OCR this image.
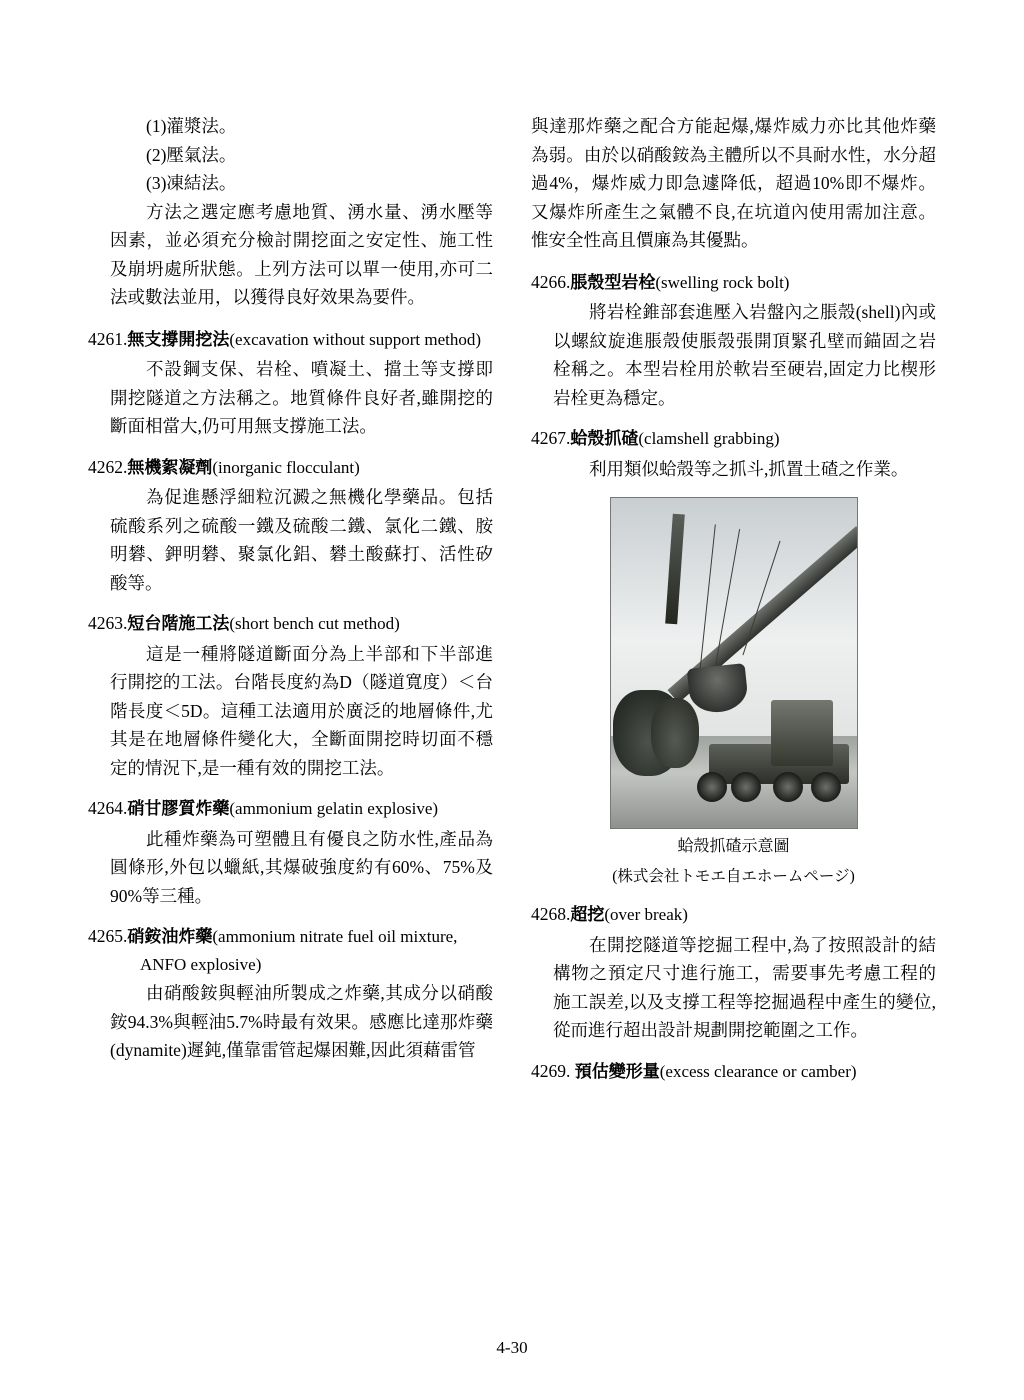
(1)灌漿法。
(2)壓氣法。
(3)凍結法。
方法之選定應考慮地質、湧水量、湧水壓等因素，並必須充分檢討開挖面之安定性、施工性及崩坍處所狀態。上列方法可以單一使用,亦可二法或數法並用，以獲得良好效果為要件。
4261.無支撐開挖法(excavation without support method)
不設鋼支保、岩栓、噴凝土、擋土等支撐即開挖隧道之方法稱之。地質條件良好者,雖開挖的斷面相當大,仍可用無支撐施工法。
4262.無機絮凝劑(inorganic flocculant)
為促進懸浮細粒沉澱之無機化學藥品。包括硫酸系列之硫酸一鐵及硫酸二鐵、氯化二鐵、胺明礬、鉀明礬、聚氯化鋁、礬土酸蘇打、活性矽酸等。
4263.短台階施工法(short bench cut method)
這是一種將隧道斷面分為上半部和下半部進行開挖的工法。台階長度約為D（隧道寬度）＜台階長度＜5D。這種工法適用於廣泛的地層條件,尤其是在地層條件變化大，全斷面開挖時切面不穩定的情況下,是一種有效的開挖工法。
4264.硝甘膠質炸藥(ammonium gelatin explosive)
此種炸藥為可塑體且有優良之防水性,產品為圓條形,外包以蠟紙,其爆破強度約有60%、75%及90%等三種。
4265.硝銨油炸藥(ammonium nitrate fuel oil mixture, ANFO explosive)
由硝酸銨與輕油所製成之炸藥,其成分以硝酸銨94.3%與輕油5.7%時最有效果。感應比達那炸藥(dynamite)遲鈍,僅靠雷管起爆困難,因此須藉雷管
與達那炸藥之配合方能起爆,爆炸威力亦比其他炸藥為弱。由於以硝酸銨為主體所以不具耐水性，水分超過4%，爆炸威力即急遽降低，超過10%即不爆炸。又爆炸所產生之氣體不良,在坑道內使用需加注意。惟安全性高且價廉為其優點。
4266.脹殼型岩栓(swelling rock bolt)
將岩栓錐部套進壓入岩盤內之脹殼(shell)內或以螺紋旋進脹殼使脹殼張開頂緊孔壁而錨固之岩栓稱之。本型岩栓用於軟岩至硬岩,固定力比楔形岩栓更為穩定。
4267.蛤殼抓碴(clamshell grabbing)
利用類似蛤殼等之抓斗,抓置土碴之作業。
蛤殼抓碴示意圖
(株式会社トモエ自エホームページ)
4268.超挖(over break)
在開挖隧道等挖掘工程中,為了按照設計的結構物之預定尺寸進行施工，需要事先考慮工程的施工誤差,以及支撐工程等挖掘過程中產生的變位,從而進行超出設計規劃開挖範圍之工作。
4269. 預估變形量(excess clearance or camber)
4-30
